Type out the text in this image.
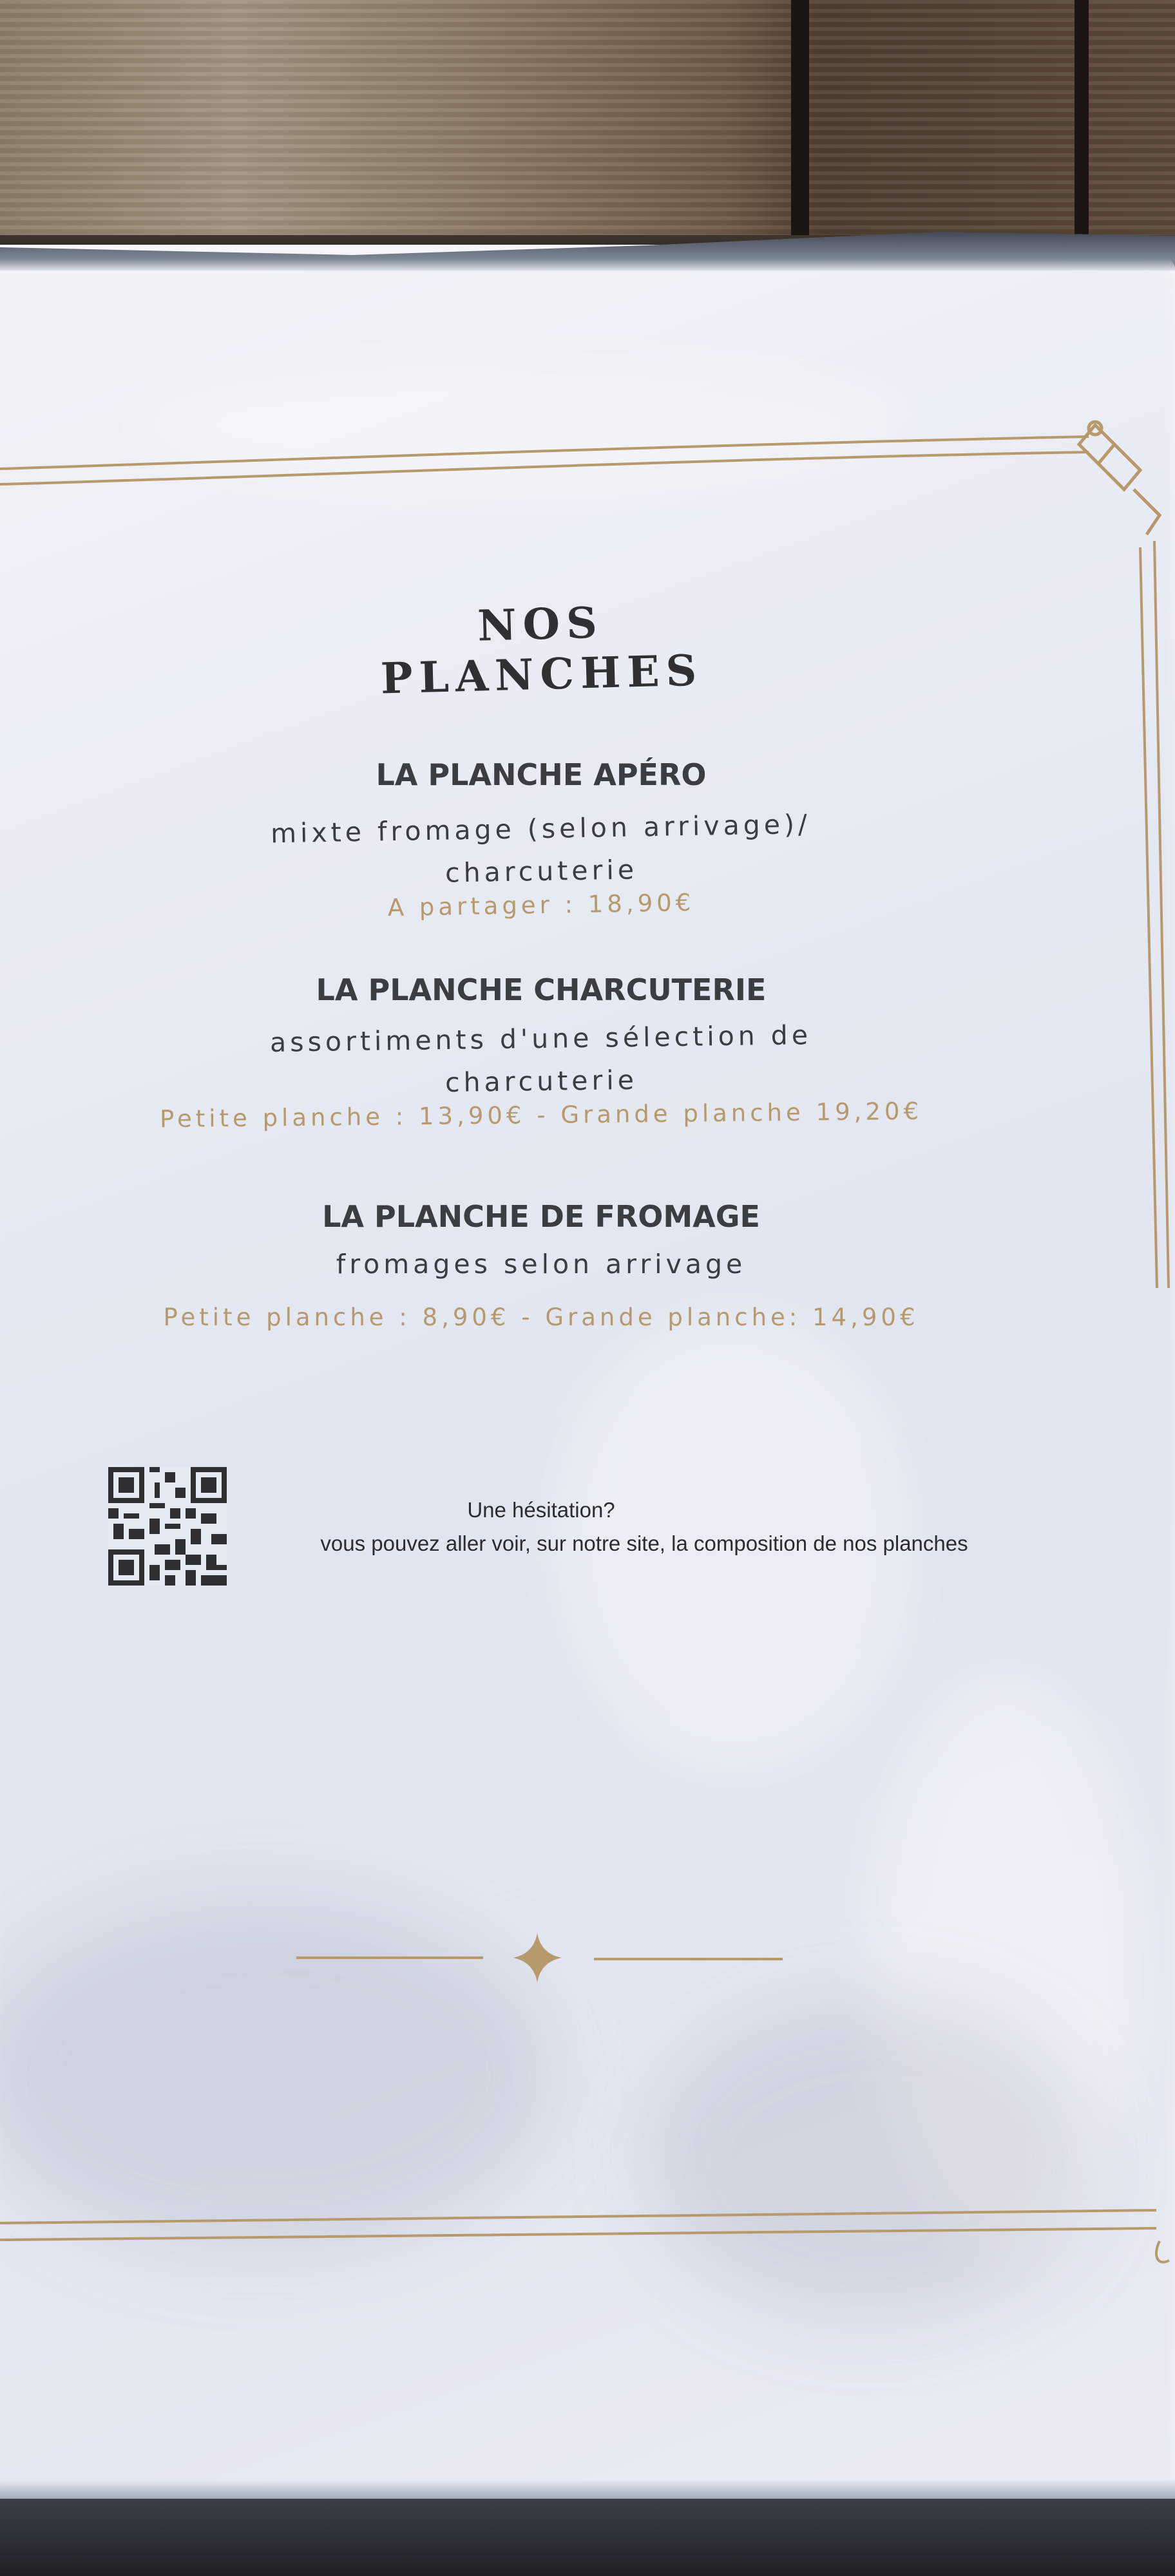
NOS PLANCHES
LA PLANCHE APÉRO
mixte fromage (selon arrivage)/
charcuterie
A partager : 18,90€
LA PLANCHE CHARCUTERIE
assortiments d'une sélection de
charcuterie
Petite planche : 13,90€ - Grande planche 19,20€
LA PLANCHE DE FROMAGE
fromages selon arrivage
Petite planche : 8,90€ - Grande planche: 14,90€
Une hésitation?
vous pouvez aller voir, sur notre site, la composition de nos planches
